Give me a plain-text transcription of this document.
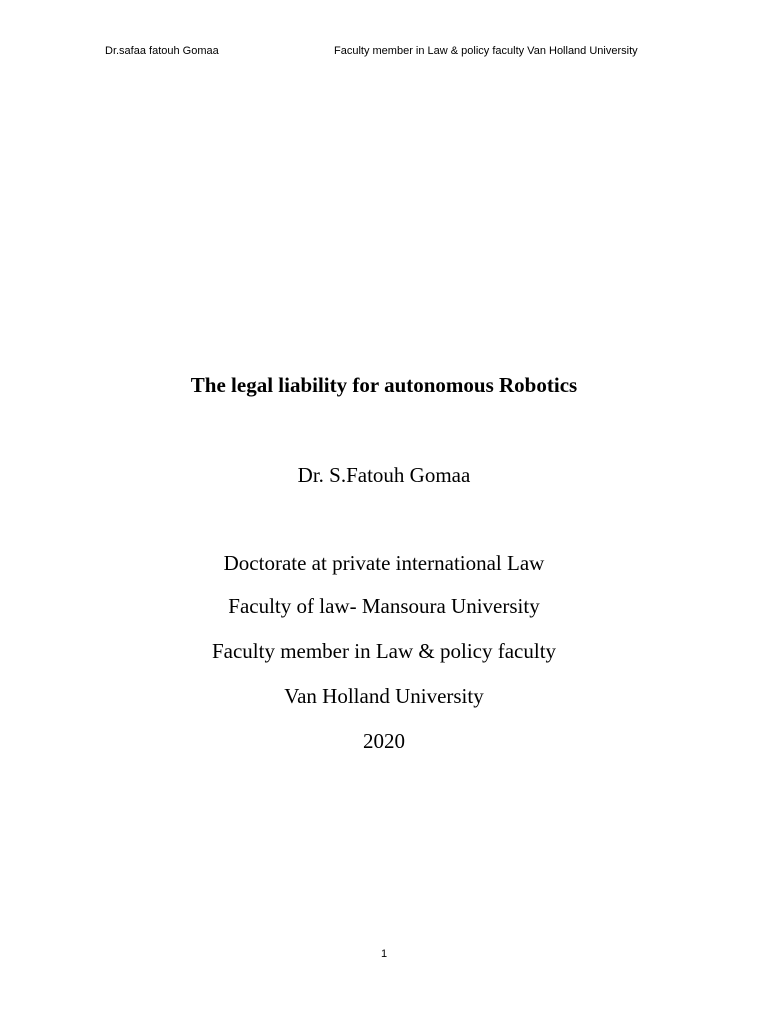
Dr.safaa fatouh Gomaa	Faculty member in Law & policy faculty Van Holland University
The legal liability for autonomous Robotics
Dr. S.Fatouh Gomaa
Doctorate at private international Law
Faculty of law- Mansoura University
Faculty member in Law & policy faculty
Van Holland University
2020
1
